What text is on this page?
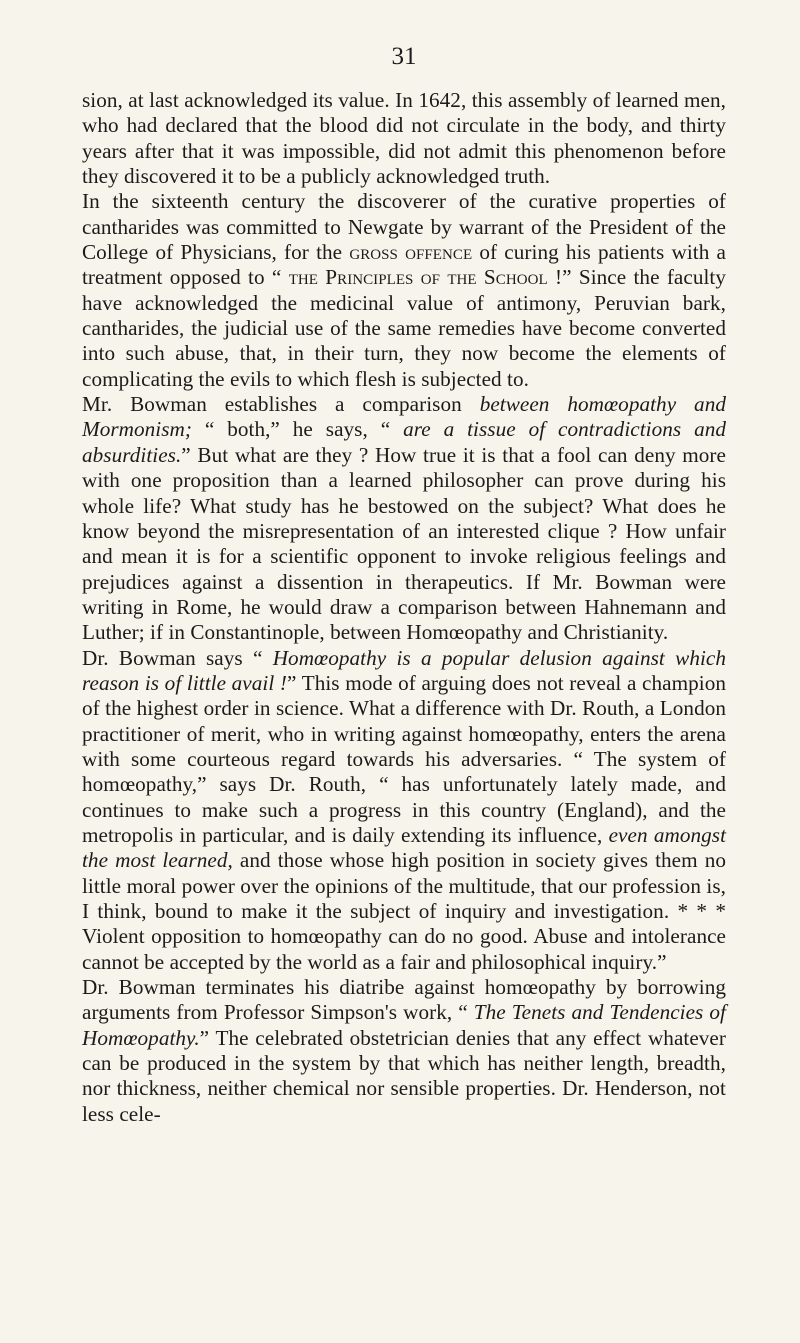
31

sion, at last acknowledged its value. In 1642, this assembly of learned men, who had declared that the blood did not circulate in the body, and thirty years after that it was impossible, did not admit this phenomenon before they discovered it to be a publicly acknowledged truth.

In the sixteenth century the discoverer of the curative properties of cantharides was committed to Newgate by warrant of the President of the College of Physicians, for the gross offence of curing his patients with a treatment opposed to “ the Principles of the School !” Since the faculty have acknowledged the medicinal value of antimony, Peruvian bark, cantharides, the judicial use of the same remedies have become converted into such abuse, that, in their turn, they now become the elements of complicating the evils to which flesh is subjected to.

Mr. Bowman establishes a comparison between homœopathy and Mormonism; “ both,” he says, “ are a tissue of contradictions and absurdities.” But what are they ? How true it is that a fool can deny more with one proposition than a learned philosopher can prove during his whole life? What study has he bestowed on the subject? What does he know beyond the misrepresentation of an interested clique ? How unfair and mean it is for a scientific opponent to invoke religious feelings and prejudices against a dissention in therapeutics. If Mr. Bowman were writing in Rome, he would draw a comparison between Hahnemann and Luther; if in Constantinople, between Homœopathy and Christianity.

Dr. Bowman says “ Homœopathy is a popular delusion against which reason is of little avail !” This mode of arguing does not reveal a champion of the highest order in science. What a difference with Dr. Routh, a London practitioner of merit, who in writing against homœopathy, enters the arena with some courteous regard towards his adversaries. “ The system of homœopathy,” says Dr. Routh, “ has unfortunately lately made, and continues to make such a progress in this country (England), and the metropolis in particular, and is daily extending its influence, even amongst the most learned, and those whose high position in society gives them no little moral power over the opinions of the multitude, that our profession is, I think, bound to make it the subject of inquiry and investigation. * * * Violent opposition to homœopathy can do no good. Abuse and intolerance cannot be accepted by the world as a fair and philosophical inquiry.”

Dr. Bowman terminates his diatribe against homœopathy by borrowing arguments from Professor Simpson's work, “ The Tenets and Tendencies of Homœopathy.” The celebrated obstetrician denies that any effect whatever can be produced in the system by that which has neither length, breadth, nor thickness, neither chemical nor sensible properties. Dr. Henderson, not less cele-
